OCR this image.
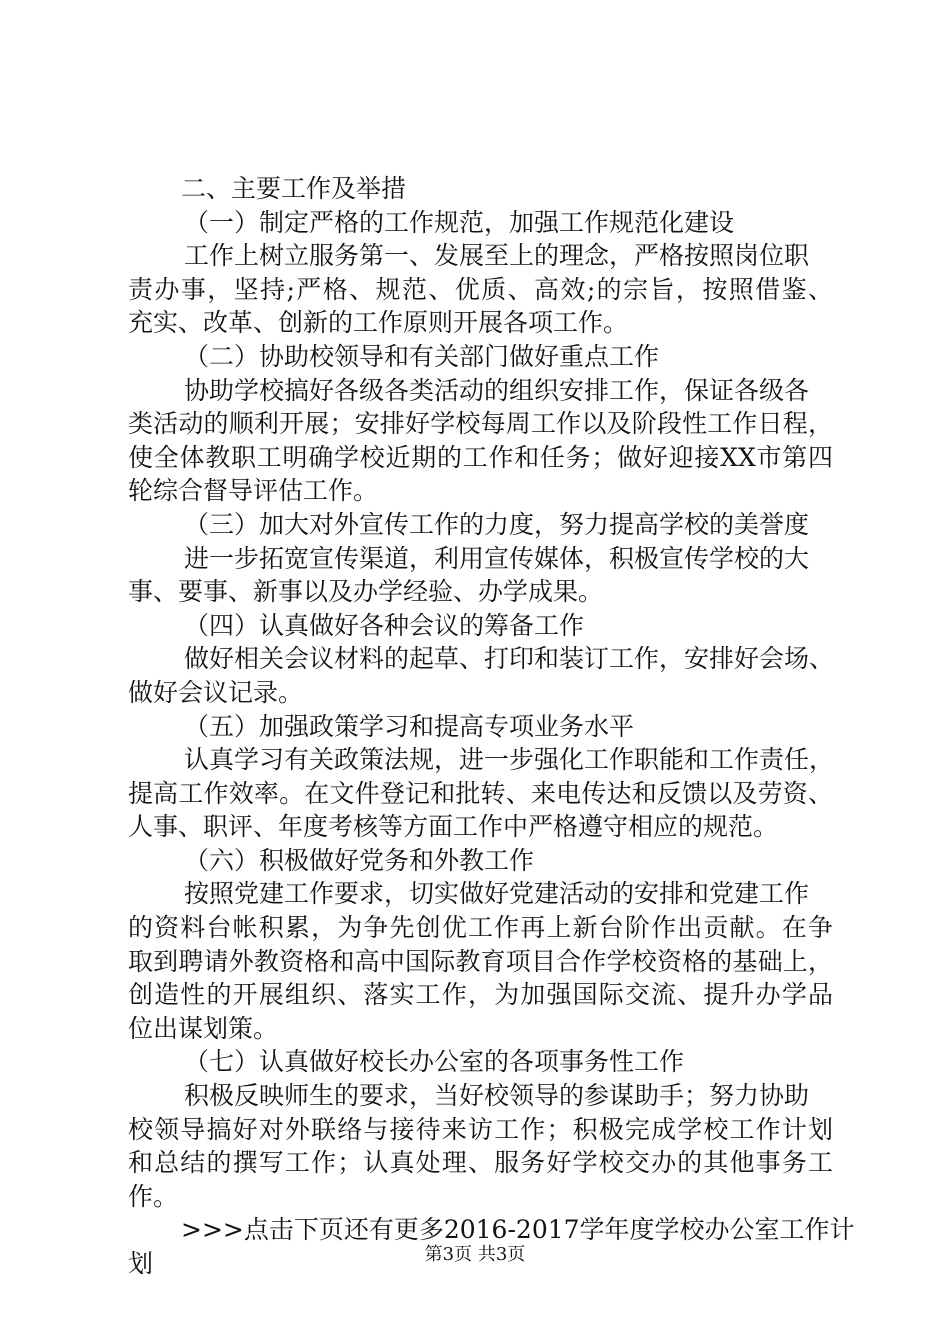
二、主要工作及举措
（一）制定严格的工作规范，加强工作规范化建设
工作上树立服务第一、发展至上的理念，严格按照岗位职
责办事，坚持;严格、规范、优质、高效;的宗旨，按照借鉴、
充实、改革、创新的工作原则开展各项工作。
（二）协助校领导和有关部门做好重点工作
协助学校搞好各级各类活动的组织安排工作，保证各级各
类活动的顺利开展；安排好学校每周工作以及阶段性工作日程，
使全体教职工明确学校近期的工作和任务；做好迎接XX市第四
轮综合督导评估工作。
（三）加大对外宣传工作的力度，努力提高学校的美誉度
进一步拓宽宣传渠道，利用宣传媒体，积极宣传学校的大
事、要事、新事以及办学经验、办学成果。
（四）认真做好各种会议的筹备工作
做好相关会议材料的起草、打印和装订工作，安排好会场、
做好会议记录。
（五）加强政策学习和提高专项业务水平
认真学习有关政策法规，进一步强化工作职能和工作责任，
提高工作效率。在文件登记和批转、来电传达和反馈以及劳资、
人事、职评、年度考核等方面工作中严格遵守相应的规范。
（六）积极做好党务和外教工作
按照党建工作要求，切实做好党建活动的安排和党建工作
的资料台帐积累，为争先创优工作再上新台阶作出贡献。在争
取到聘请外教资格和高中国际教育项目合作学校资格的基础上，
创造性的开展组织、落实工作，为加强国际交流、提升办学品
位出谋划策。
（七）认真做好校长办公室的各项事务性工作
积极反映师生的要求，当好校领导的参谋助手；努力协助
校领导搞好对外联络与接待来访工作；积极完成学校工作计划
和总结的撰写工作；认真处理、服务好学校交办的其他事务工
作。
>>>点击下页还有更多2016-2017学年度学校办公室工作计
划	第3页 共3页
